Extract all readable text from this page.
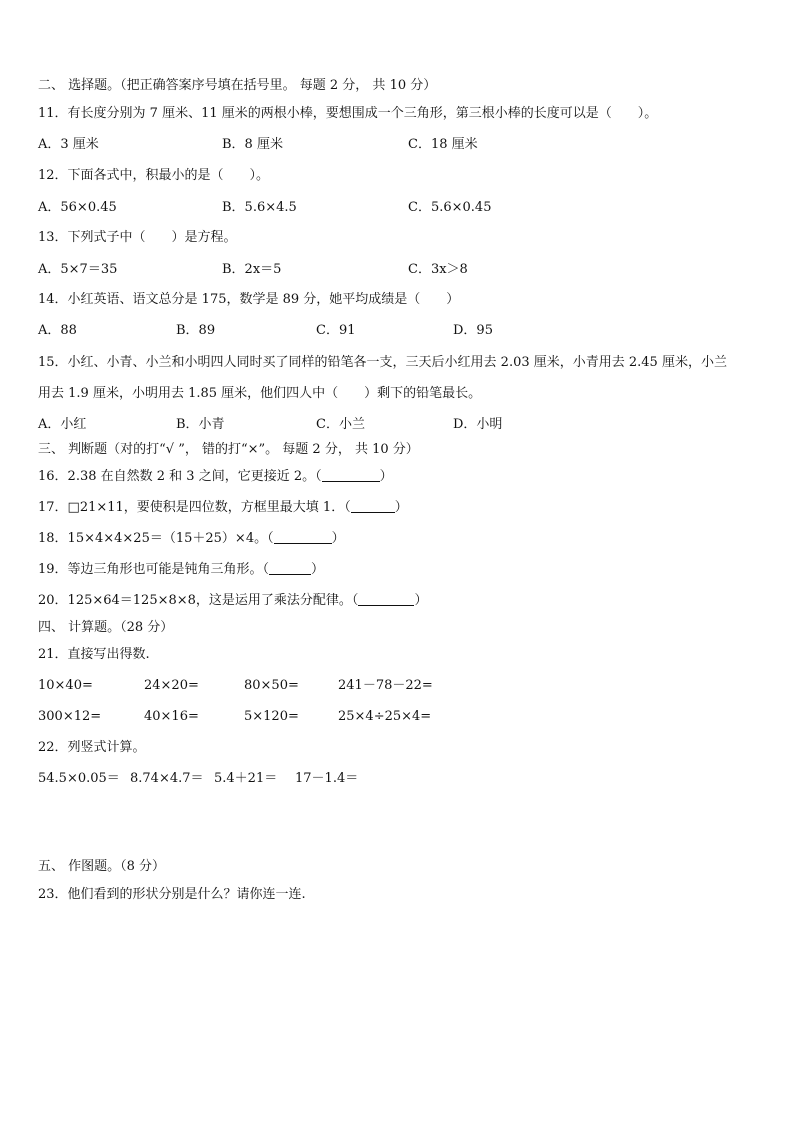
二、 选择题。（把正确答案序号填在括号里。 每题 2 分， 共 10 分）
11．有长度分别为 7 厘米、11 厘米的两根小棒，要想围成一个三角形，第三根小棒的长度可以是（　　）。
A．3 厘米	B．8 厘米	C．18 厘米
12．下面各式中，积最小的是（　　）。
A．56×0.45	B．5.6×4.5	C．5.6×0.45
13．下列式子中（　　）是方程。
A．5×7＝35	B．2x＝5	C．3x＞8
14．小红英语、语文总分是 175，数学是 89 分，她平均成绩是（　　）
A．88	B．89	C．91	D．95
15．小红、小青、小兰和小明四人同时买了同样的铅笔各一支，三天后小红用去 2.03 厘米，小青用去 2.45 厘米，小兰
用去 1.9 厘米，小明用去 1.85 厘米，他们四人中（　　）剩下的铅笔最长。
A．小红	B．小青	C．小兰	D．小明
三、 判断题（对的打“√ ”， 错的打“×”。 每题 2 分， 共 10 分）
16．2.38 在自然数 2 和 3 之间，它更接近 2。（	）
17．□21×11，要使积是四位数，方框里最大填 1．（	）
18．15×4×4×25＝（15＋25）×4。（	）
19．等边三角形也可能是钝角三角形。（	）
20．125×64＝125×8×8，这是运用了乘法分配律。（	）
四、 计算题。（28 分）
21．直接写出得数.
10×40=	24×20=	80×50=	241－78－22=
300×12=	40×16=	5×120=	25×4÷25×4=
22．列竖式计算。
54.5×0.05＝ 8.74×4.7＝ 5.4＋21＝ 17－1.4＝
五、 作图题。（8 分）
23．他们看到的形状分别是什么？请你连一连.
